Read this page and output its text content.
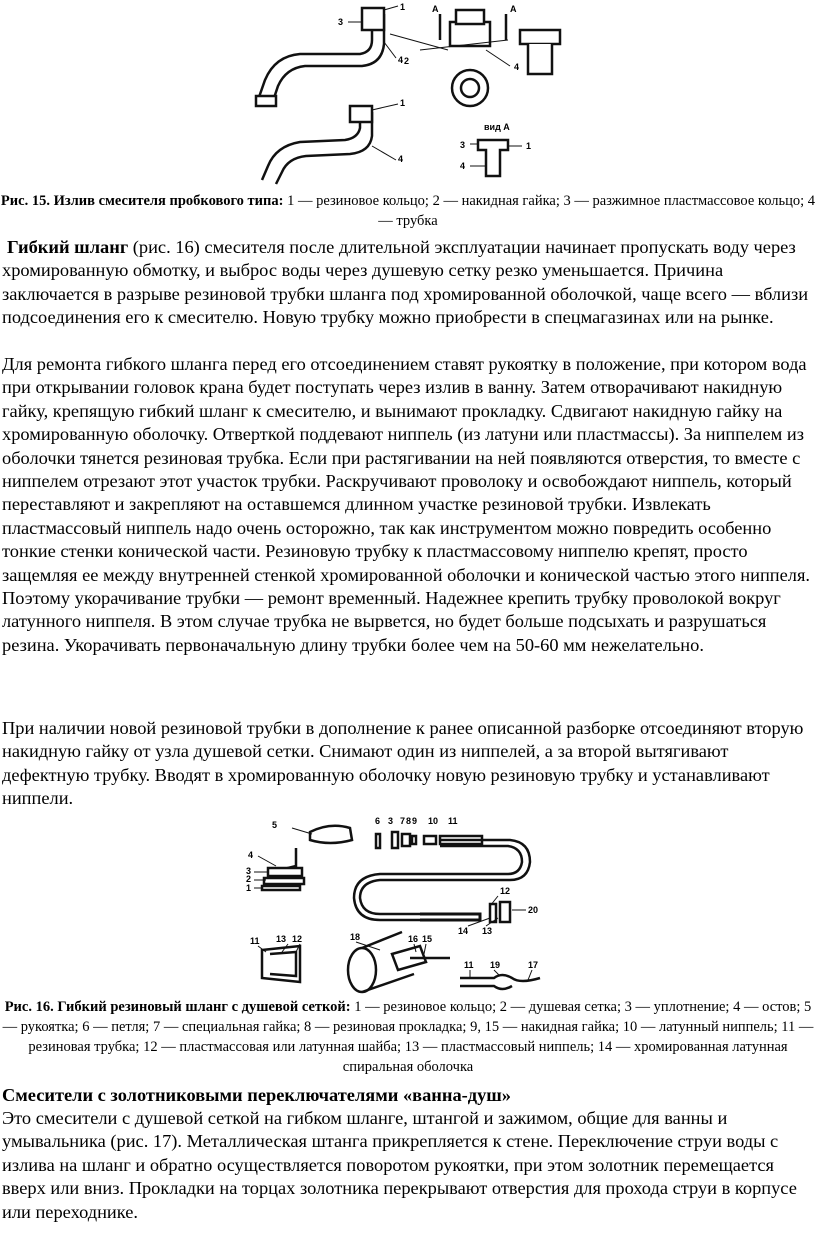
1
2
3
4
А	А
4
1
4
вид А
3	1
4
Рис. 15. Излив смесителя пробкового типа: 1 — резиновое кольцо; 2 — накидная гайка; 3 — разжимное пластмассовое кольцо; 4 — трубка
Гибкий шланг (рис. 16) смесителя после длительной эксплуатации начинает пропускать воду через хромированную обмотку, и выброс воды через душевую сетку резко уменьшается. Причина заключается в разрыве резиновой трубки шланга под хромированной оболочкой, чаще всего — вблизи подсоединения его к смесителю. Новую трубку можно приобрести в спецмагазинах или на рынке.
Для ремонта гибкого шланга перед его отсоединением ставят рукоятку в положение, при котором вода при открывании головок крана будет поступать через излив в ванну. Затем отворачивают накидную гайку, крепящую гибкий шланг к смесителю, и вынимают прокладку. Сдвигают накидную гайку на хромированную оболочку. Отверткой поддевают ниппель (из латуни или пластмассы). За ниппелем из оболочки тянется резиновая трубка. Если при растягивании на ней появляются отверстия, то вместе с ниппелем отрезают этот участок трубки. Раскручивают проволоку и освобождают ниппель, который переставляют и закрепляют на оставшемся длинном участке резиновой трубки. Извлекать пластмассовый ниппель надо очень осторожно, так как инструментом можно повредить особенно тонкие стенки конической части. Резиновую трубку к пластмассовому ниппелю крепят, просто защемляя ее между внутренней стенкой хромированной оболочки и конической частью этого ниппеля. Поэтому укорачивание трубки — ремонт временный. Надежнее крепить трубку проволокой вокруг латунного ниппеля. В этом случае трубка не вырвется, но будет больше подсыхать и разрушаться резина. Укорачивать первоначальную длину трубки более чем на 50-60 мм нежелательно.
При наличии новой резиновой трубки в дополнение к ранее описанной разборке отсоединяют вторую накидную гайку от узла душевой сетки. Снимают один из ниппелей, а за второй вытягивают дефектную трубку. Вводят в хромированную оболочку новую резиновую трубку и устанавливают ниппели.
5	6 3 7 8 9 10 11
4
3
2
1	12
14 13
20
11 13 12	18	16 15
11 19	17
Рис. 16. Гибкий резиновый шланг с душевой сеткой: 1 — резиновое кольцо; 2 — душевая сетка; 3 — уплотнение; 4 — остов; 5 — рукоятка; 6 — петля; 7 — специальная гайка; 8 — резиновая прокладка; 9, 15 — накидная гайка; 10 — латунный ниппель; 11 — резиновая трубка; 12 — пластмассовая или латунная шайба; 13 — пластмассовый ниппель; 14 — хромированная латунная спиральная оболочка
Смесители с золотниковыми переключателями «ванна-душ»
Это смесители с душевой сеткой на гибком шланге, штангой и зажимом, общие для ванны и умывальника (рис. 17). Металлическая штанга прикрепляется к стене. Переключение струи воды с излива на шланг и обратно осуществляется поворотом рукоятки, при этом золотник перемещается вверх или вниз. Прокладки на торцах золотника перекрывают отверстия для прохода струи в корпусе или переходнике.
